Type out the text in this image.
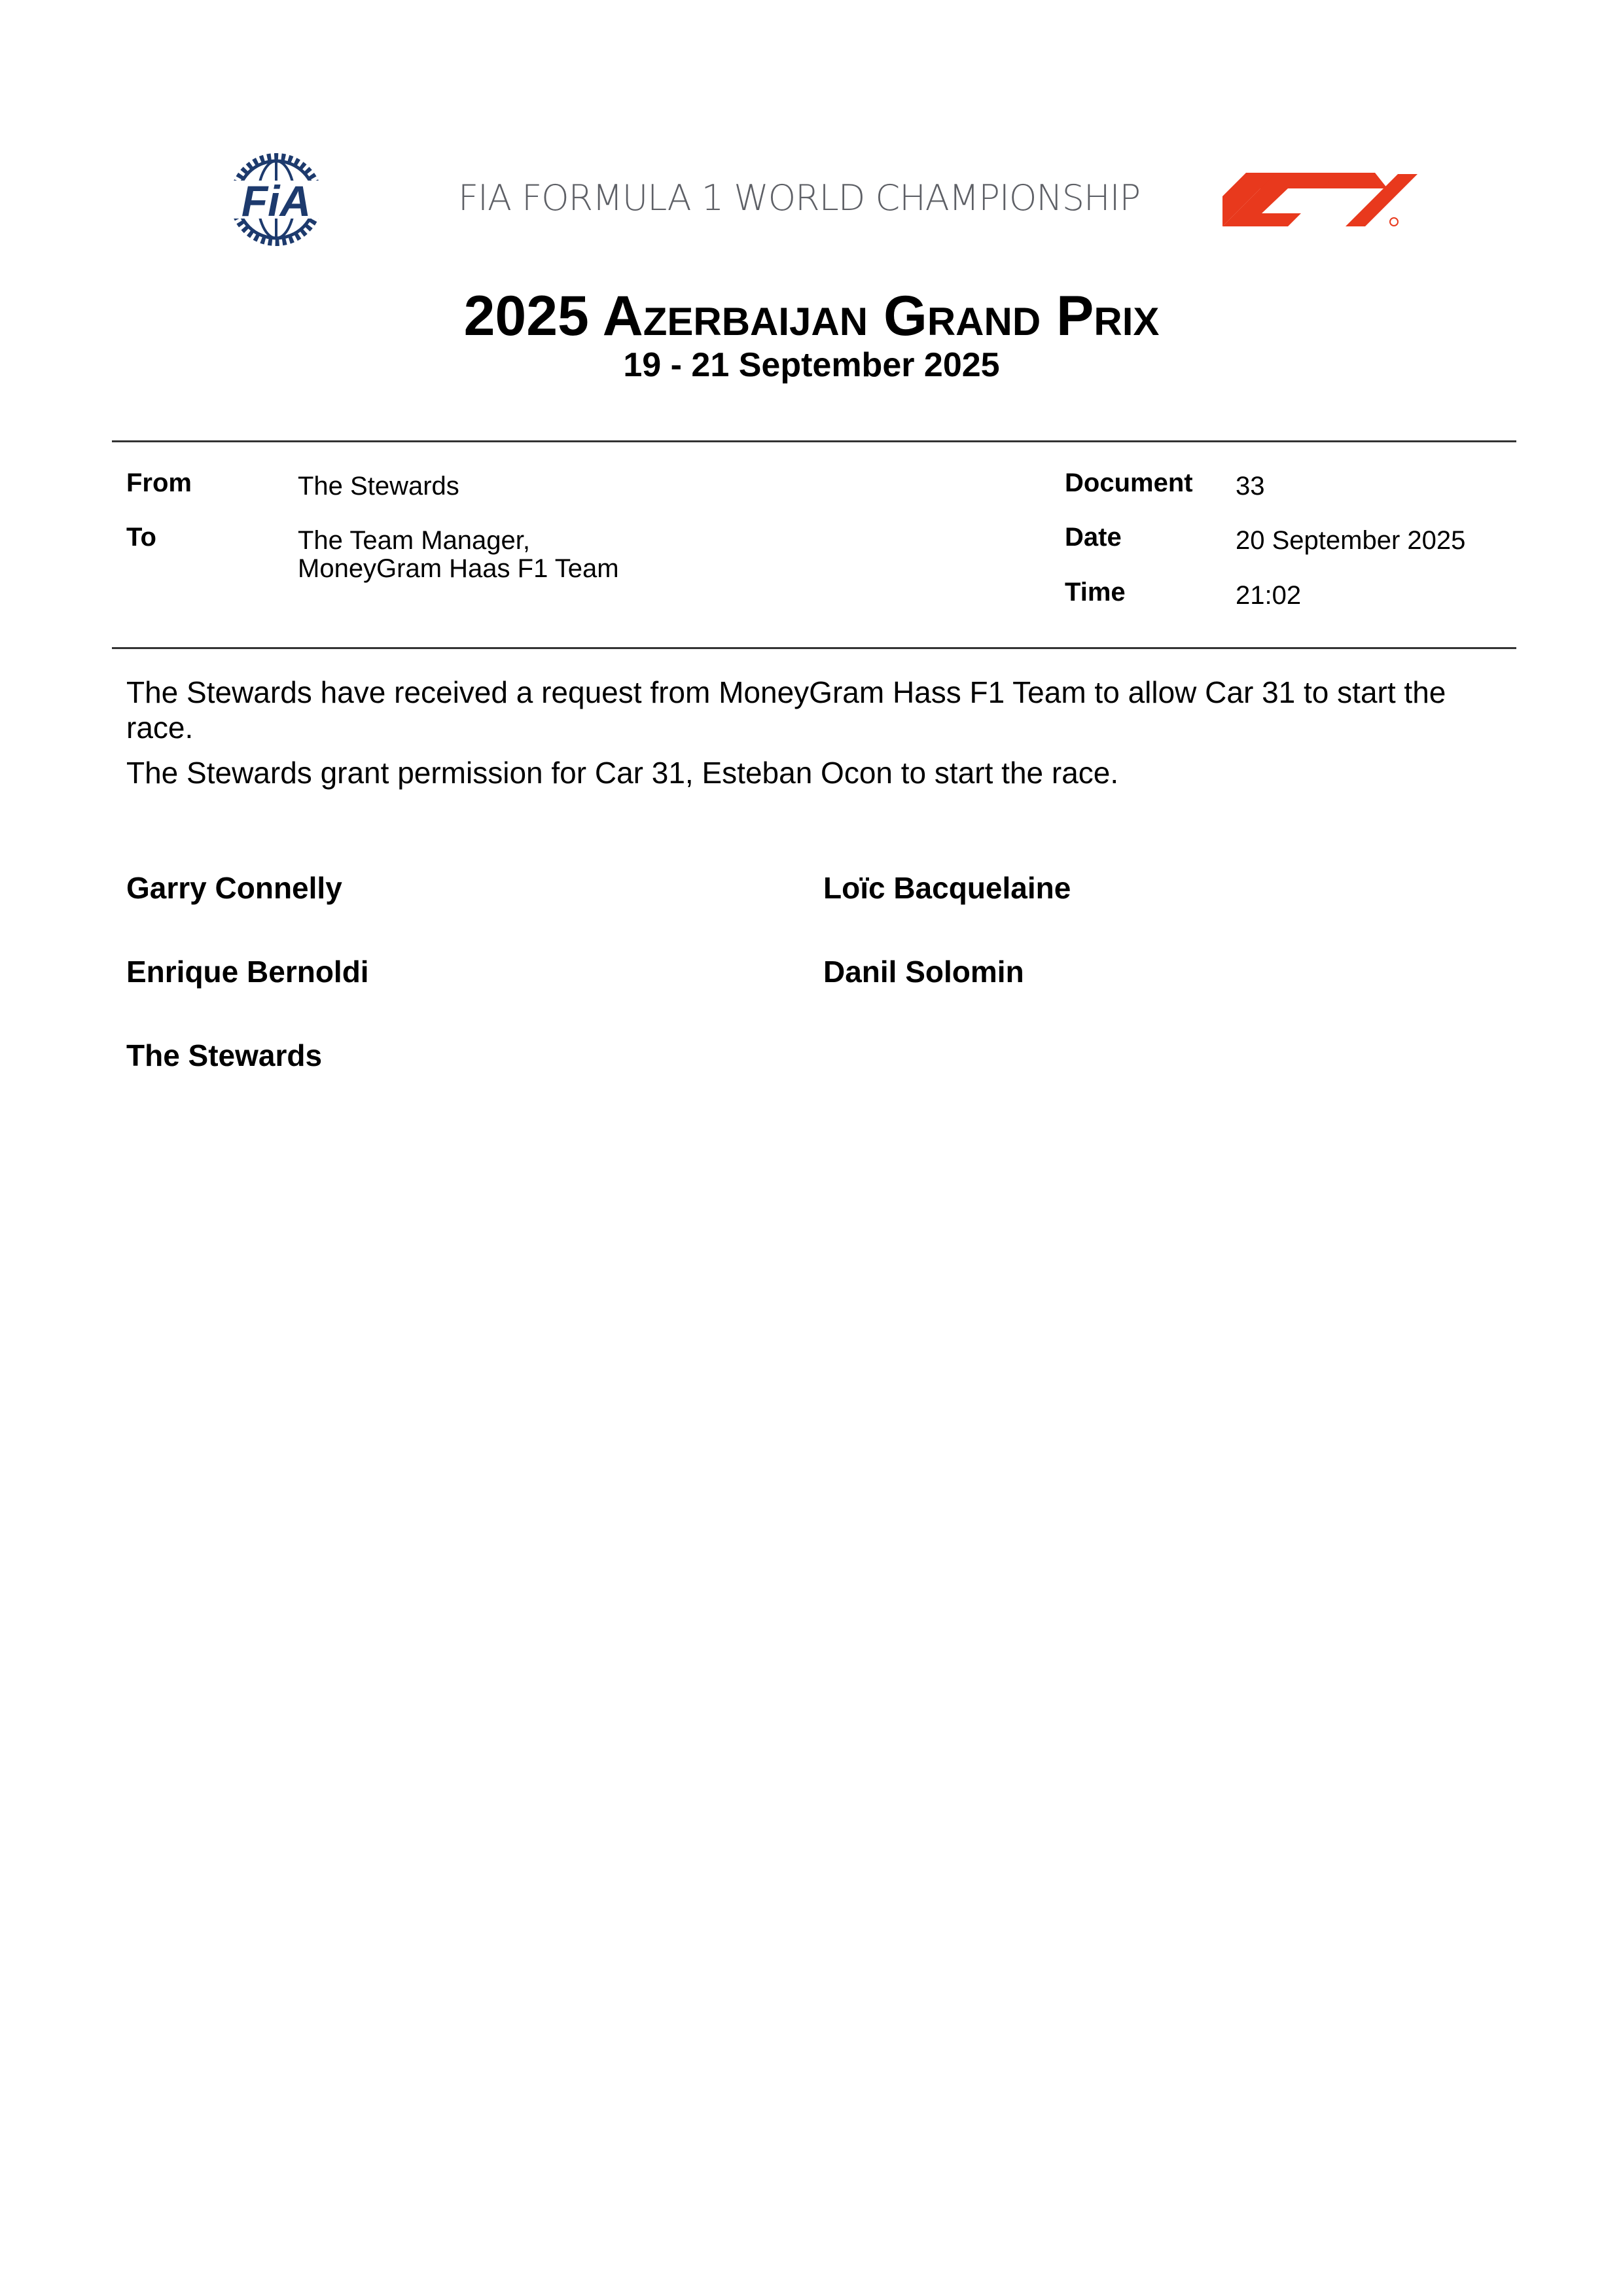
FiA	FIA FORMULA 1 WORLD CHAMPIONSHIP
2025 Azerbaijan Grand Prix
19 - 21 September 2025
From	The Stewards
To	The Team Manager,
MoneyGram Haas F1 Team
Document 33
Date	20 September 2025
Time	21:02
The Stewards have received a request from MoneyGram Hass F1 Team to allow Car 31 to start the race.
The Stewards grant permission for Car 31, Esteban Ocon to start the race.
Garry Connelly	Loïc Bacquelaine
Enrique Bernoldi	Danil Solomin
The Stewards
